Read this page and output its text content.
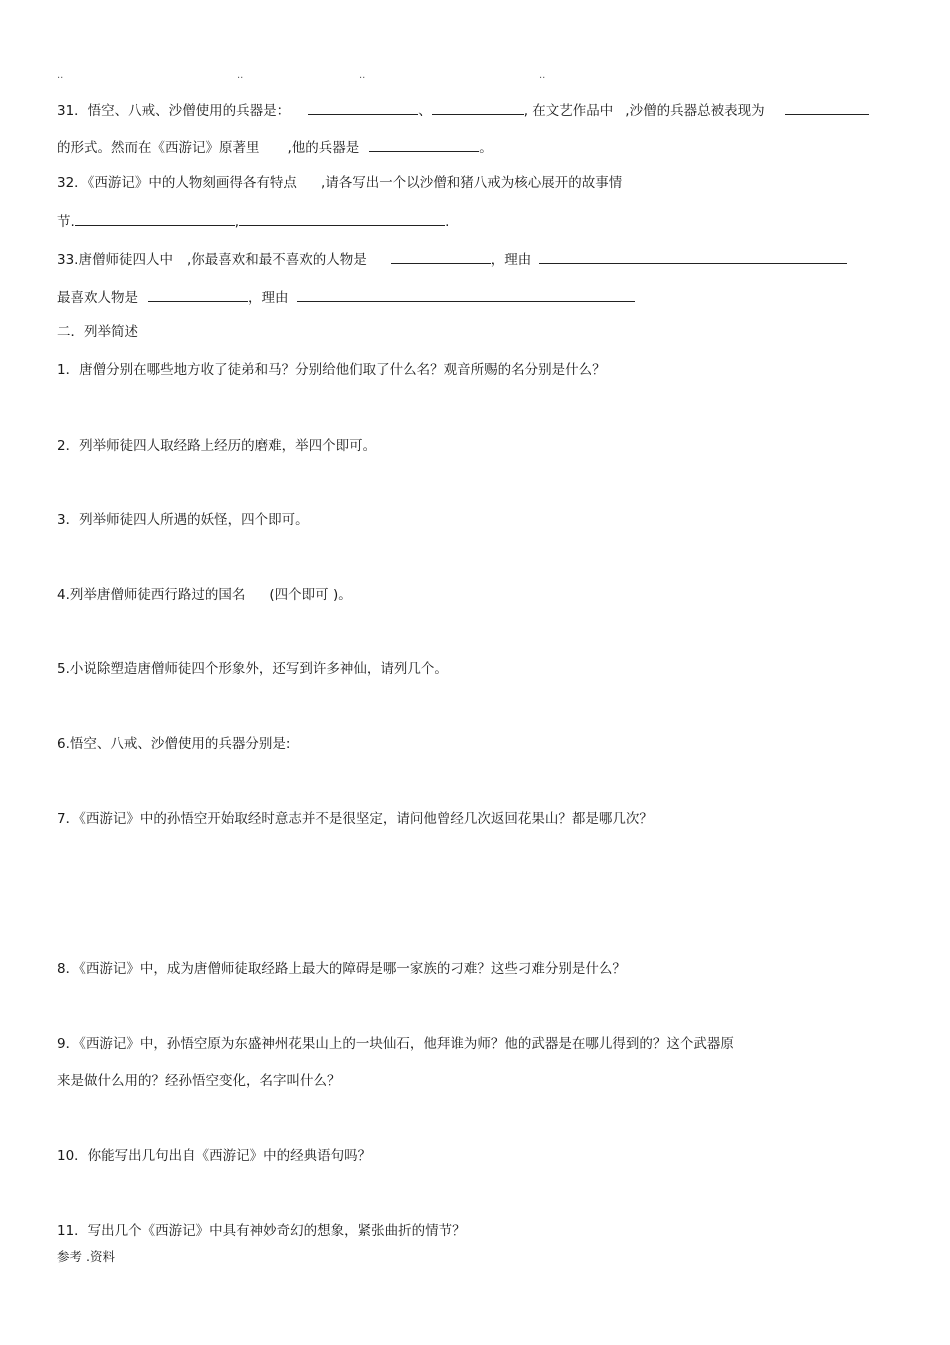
..	..	..	..
31．悟空、八戒、沙僧使用的兵器是：	、	, 在文艺作品中 ,沙僧的兵器总被表现为
的形式。然而在《西游记》原著里 ,他的兵器是	。
32．《西游记》中的人物刻画得各有特点 ,请各写出一个以沙僧和猪八戒为核心展开的故事情
节.	,	.
33.唐僧师徒四人中 ,你最喜欢和最不喜欢的人物是	，理由
最喜欢人物是	，理由
二．列举简述
1．唐僧分别在哪些地方收了徒弟和马？分别给他们取了什么名？观音所赐的名分别是什么？
2．列举师徒四人取经路上经历的磨难，举四个即可。
3．列举师徒四人所遇的妖怪，四个即可。
4.列举唐僧师徒西行路过的国名 (四个即可 )。
5.小说除塑造唐僧师徒四个形象外，还写到许多神仙，请列几个。
6.悟空、八戒、沙僧使用的兵器分别是:
7．《西游记》中的孙悟空开始取经时意志并不是很坚定，请问他曾经几次返回花果山？都是哪几次？
8．《西游记》中，成为唐僧师徒取经路上最大的障碍是哪一家族的刁难？这些刁难分别是什么？
9．《西游记》中，孙悟空原为东盛神州花果山上的一块仙石，他拜谁为师？他的武器是在哪儿得到的？这个武器原
来是做什么用的？经孙悟空变化，名字叫什么？
10．你能写出几句出自《西游记》中的经典语句吗？
11．写出几个《西游记》中具有神妙奇幻的想象，紧张曲折的情节？
参考 .资料
